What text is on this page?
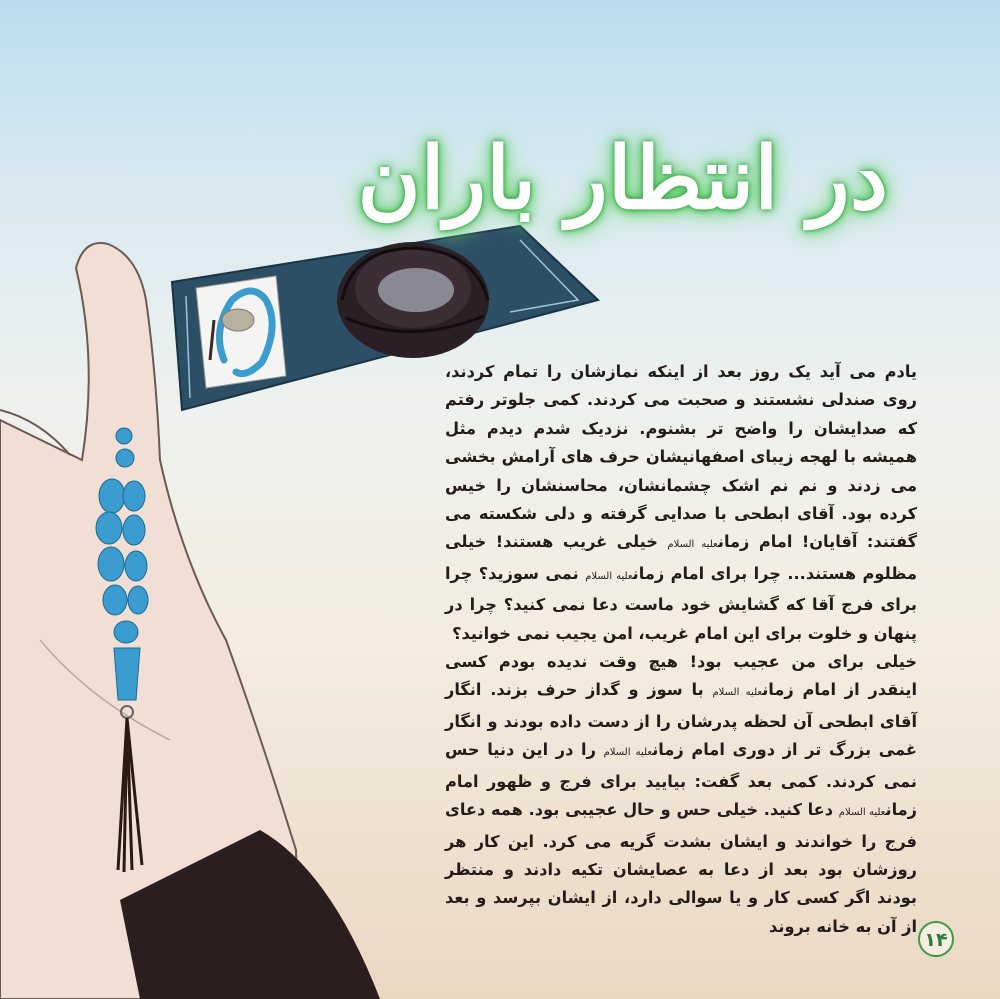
در انتظار باران

یادم می آید یک روز بعد از اینکه نمازشان را تمام کردند، روی صندلی نشستند و صحبت می کردند. کمی جلوتر رفتم که صدایشان را واضح تر بشنوم. نزدیک شدم دیدم مثل همیشه با لهجه زیبای اصفهانیشان حرف های آرامش بخشی می زدند و نم نم اشک چشمانشان، محاسنشان را خیس کرده بود. آقای ابطحی با صدایی گرفته و دلی شکسته می گفتند: آقایان! امام زمانعلیه السلام خیلی غریب هستند! خیلی مظلوم هستند... چرا برای امام زمانعلیه السلام نمی سوزید؟ چرا برای فرج آقا که گشایش خود ماست دعا نمی کنید؟ چرا در پنهان و خلوت برای این امام غریب، امن یجیب نمی خوانید؟

خیلی برای من عجیب بود! هیچ وقت ندیده بودم کسی اینقدر از امام زمانعلیه السلام با سوز و گداز حرف بزند. انگار آقای ابطحی آن لحظه پدرشان را از دست داده بودند و انگار غمی بزرگ تر از دوری امام زمانعلیه السلام را در این دنیا حس نمی کردند. کمی بعد گفت: بیایید برای فرج و ظهور امام زمانعلیه السلام دعا کنید. خیلی حس و حال عجیبی بود. همه دعای فرج را خواندند و ایشان بشدت گریه می کرد. این کار هر روزشان بود بعد از دعا به عصایشان تکیه دادند و منتظر بودند اگر کسی کار و یا سوالی دارد، از ایشان بپرسد و بعد از آن به خانه بروند

۱۴
